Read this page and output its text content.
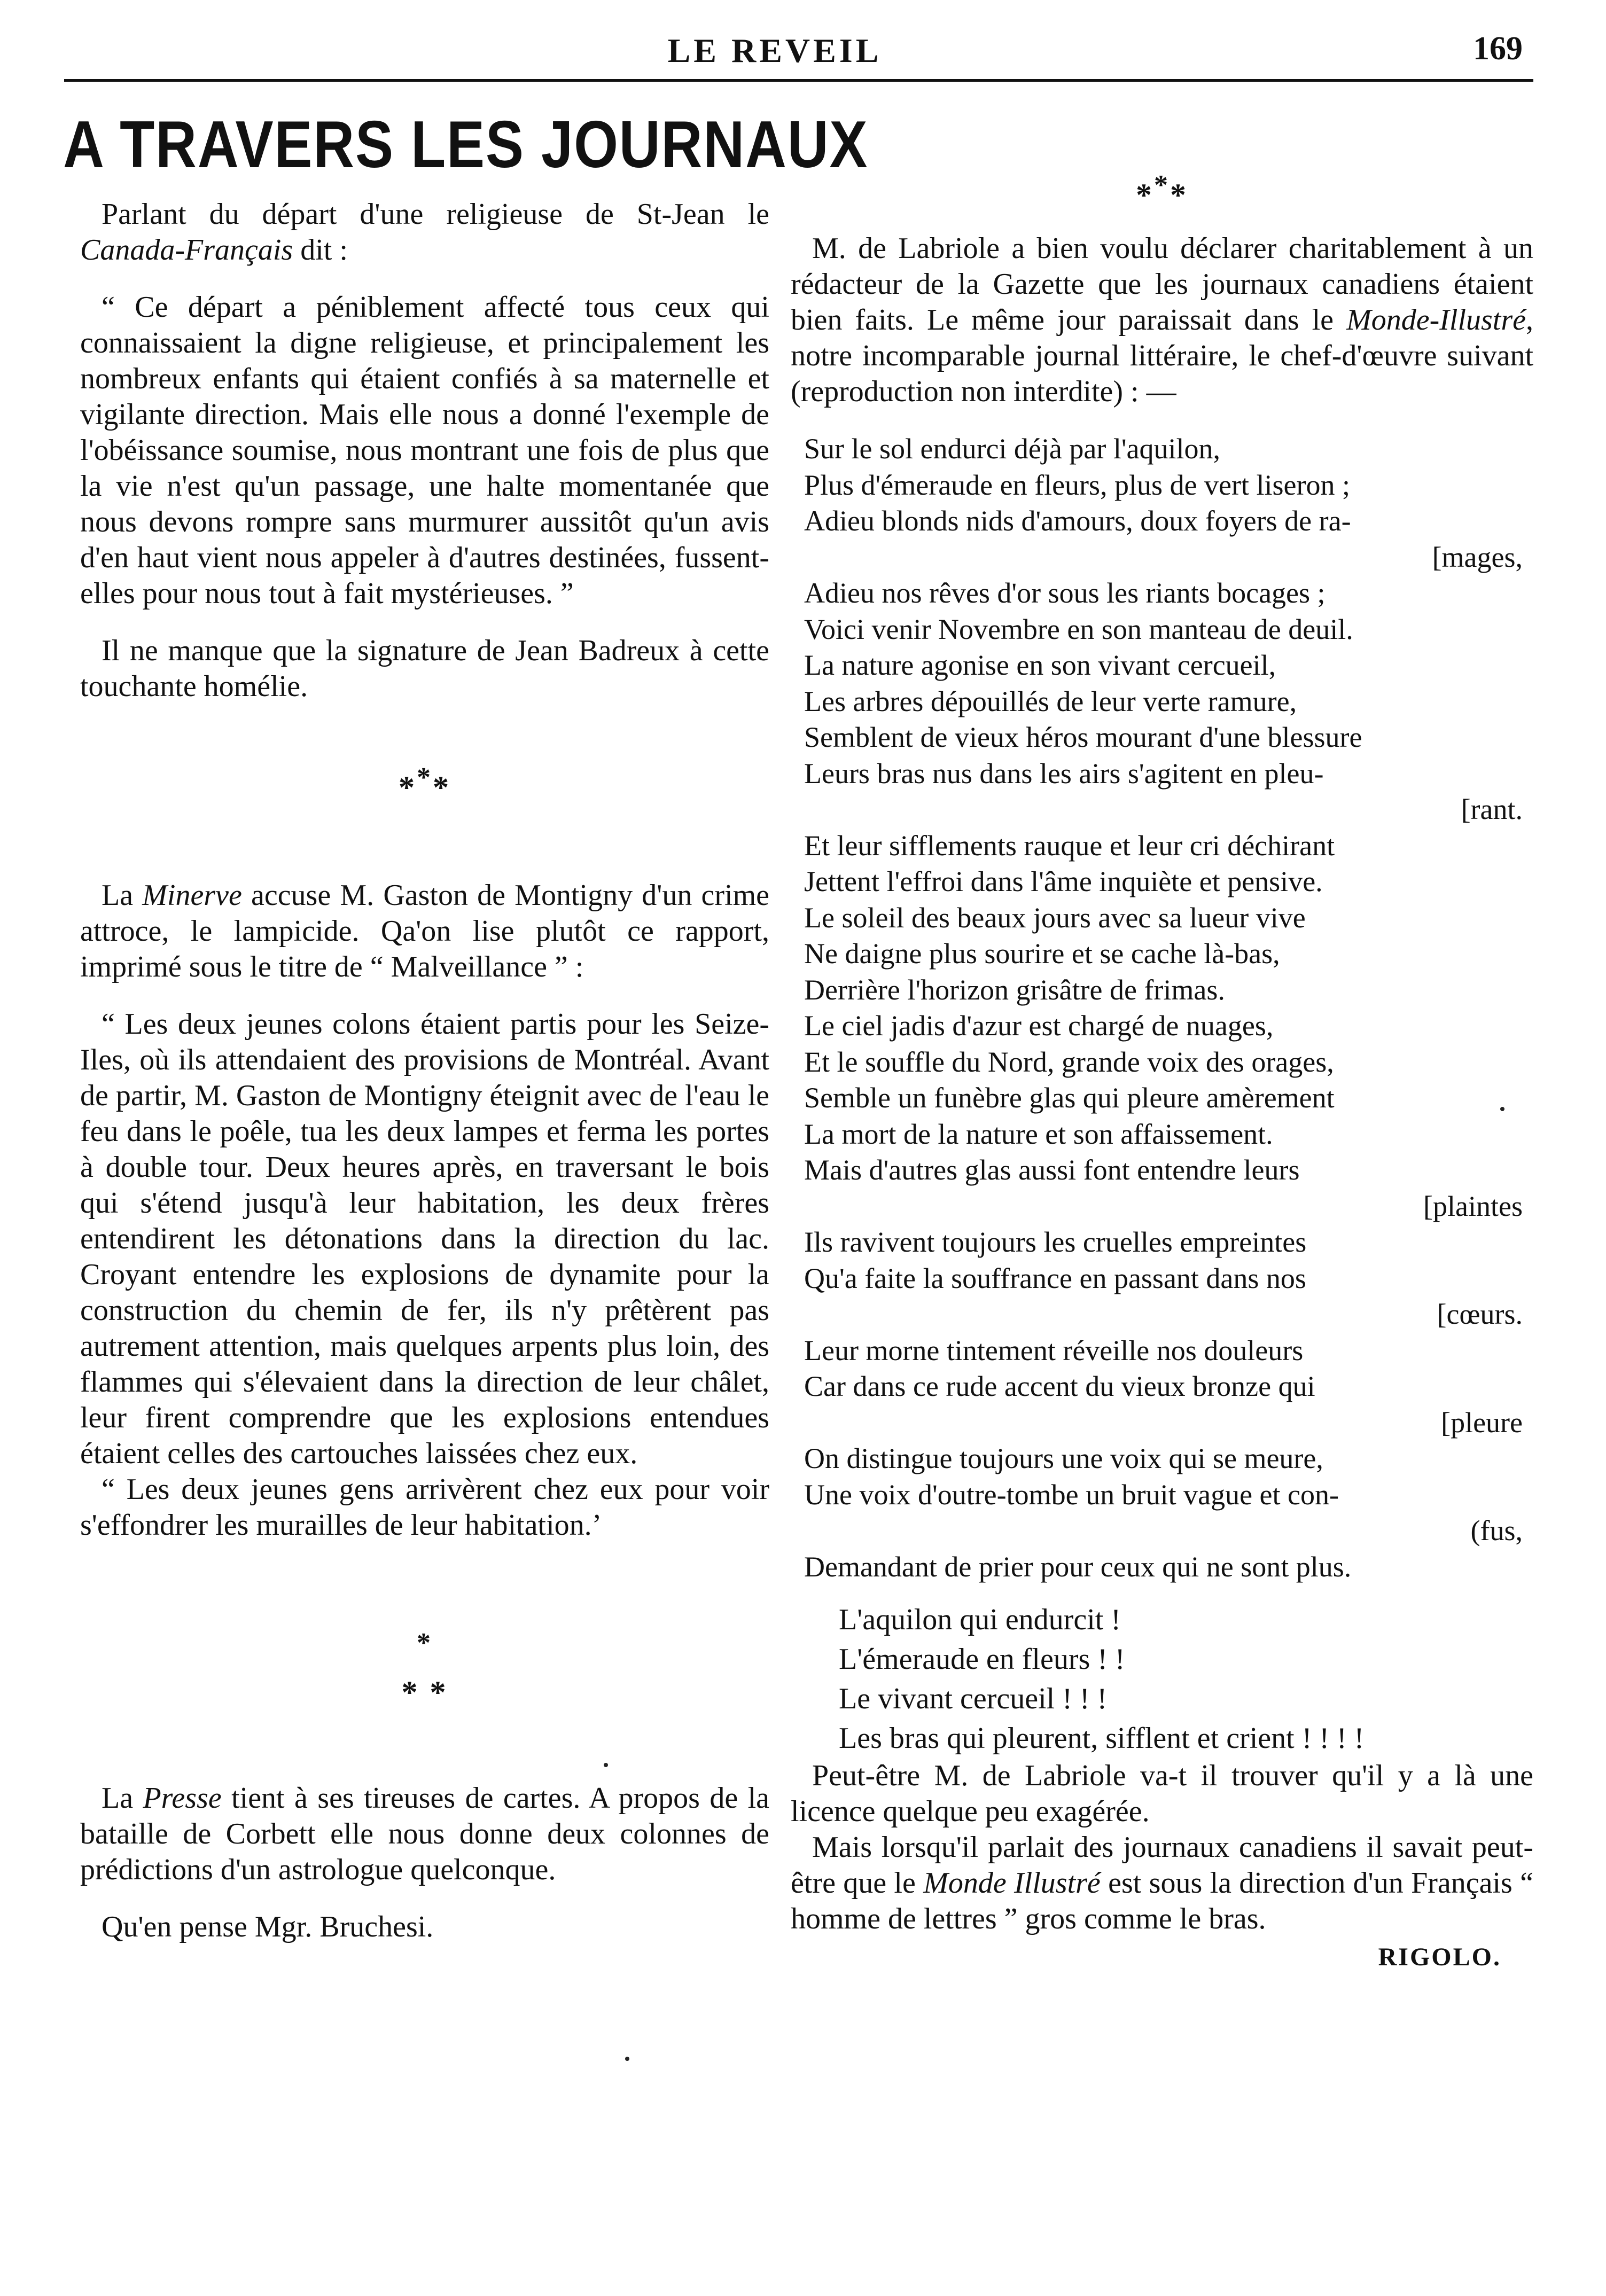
LE REVEIL	169
A TRAVERS LES JOURNAUX

Parlant du départ d'une religieuse de St-Jean le Canada-Français dit :

“ Ce départ a péniblement affecté tous ceux qui connaissaient la digne religieuse, et principalement les nombreux enfants qui étaient confiés à sa maternelle et vigilante direction. Mais elle nous a donné l'exemple de l'obéissance soumise, nous montrant une fois de plus que la vie n'est qu'un passage, une halte momentanée que nous devons rompre sans murmurer aussitôt qu'un avis d'en haut vient nous appeler à d'autres destinées, fussent-elles pour nous tout à fait mystérieuses. ”

Il ne manque que la signature de Jean Badreux à cette touchante homélie.

***

La Minerve accuse M. Gaston de Montigny d'un crime attroce, le lampicide. Qa'on lise plutôt ce rapport, imprimé sous le titre de “ Malveillance ” :

“ Les deux jeunes colons étaient partis pour les Seize-Iles, où ils attendaient des provisions de Montréal. Avant de partir, M. Gaston de Montigny éteignit avec de l'eau le feu dans le poêle, tua les deux lampes et ferma les portes à double tour. Deux heures après, en traversant le bois qui s'étend jusqu'à leur habitation, les deux frères entendirent les détonations dans la direction du lac. Croyant entendre les explosions de dynamite pour la construction du chemin de fer, ils n'y prêtèrent pas autrement attention, mais quelques arpents plus loin, des flammes qui s'élevaient dans la direction de leur châlet, leur firent comprendre que les explosions entendues étaient celles des cartouches laissées chez eux.

“ Les deux jeunes gens arrivèrent chez eux pour voir s'effondrer les murailles de leur habitation.’

*
* *

La Presse tient à ses tireuses de cartes. A propos de la bataille de Corbett elle nous donne deux colonnes de prédictions d'un astrologue quelconque.

Qu'en pense Mgr. Bruchesi.

***

M. de Labriole a bien voulu déclarer charitablement à un rédacteur de la Gazette que les journaux canadiens étaient bien faits. Le même jour paraissait dans le Monde-Illustré, notre incomparable journal littéraire, le chef-d'œuvre suivant (reproduction non interdite) : —

Sur le sol endurci déjà par l'aquilon,
Plus d'émeraude en fleurs, plus de vert liseron ;
Adieu blonds nids d'amours, doux foyers de ra-
[mages,
Adieu nos rêves d'or sous les riants bocages ;
Voici venir Novembre en son manteau de deuil.
La nature agonise en son vivant cercueil,
Les arbres dépouillés de leur verte ramure,
Semblent de vieux héros mourant d'une blessure
Leurs bras nus dans les airs s'agitent en pleu-
[rant.
Et leur sifflements rauque et leur cri déchirant
Jettent l'effroi dans l'âme inquiète et pensive.
Le soleil des beaux jours avec sa lueur vive
Ne daigne plus sourire et se cache là-bas,
Derrière l'horizon grisâtre de frimas.
Le ciel jadis d'azur est chargé de nuages,
Et le souffle du Nord, grande voix des orages,
Semble un funèbre glas qui pleure amèrement
La mort de la nature et son affaissement.
Mais d'autres glas aussi font entendre leurs
[plaintes
Ils ravivent toujours les cruelles empreintes
Qu'a faite la souffrance en passant dans nos
[cœurs.
Leur morne tintement réveille nos douleurs
Car dans ce rude accent du vieux bronze qui
[pleure
On distingue toujours une voix qui se meure,
Une voix d'outre-tombe un bruit vague et con-
(fus,
Demandant de prier pour ceux qui ne sont plus.
L'aquilon qui endurcit !
L'émeraude en fleurs ! !
Le vivant cercueil ! ! !
Les bras qui pleurent, sifflent et crient ! ! ! !

Peut-être M. de Labriole va-t il trouver qu'il y a là une licence quelque peu exagérée.

Mais lorsqu'il parlait des journaux canadiens il savait peut-être que le Monde Illustré est sous la direction d'un Français “ homme de lettres ” gros comme le bras.

RIGOLO.
